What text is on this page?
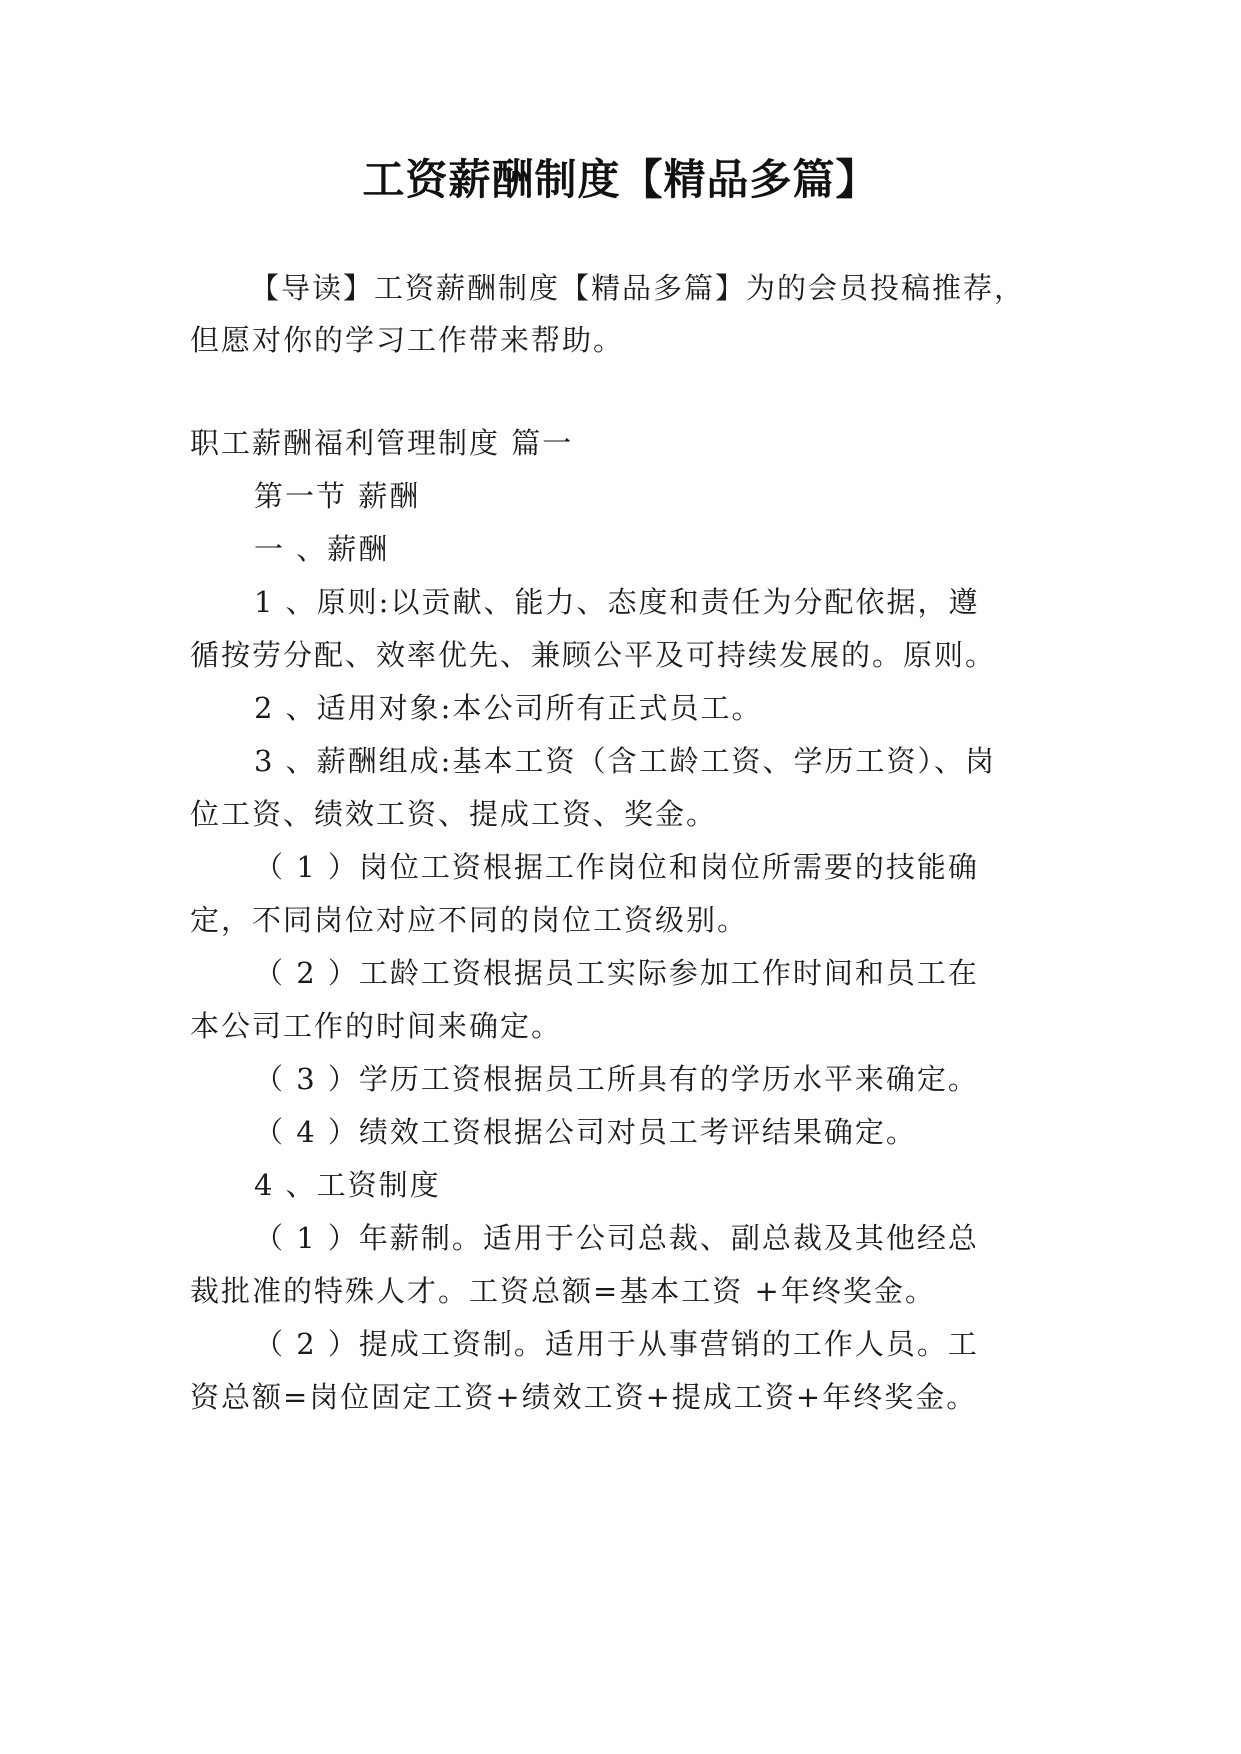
工资薪酬制度【精品多篇】
【导读】工资薪酬制度【精品多篇】为的会员投稿推荐，
但愿对你的学习工作带来帮助。
职工薪酬福利管理制度 篇一
第一节 薪酬
一 、薪酬
1 、原则:以贡献、能力、态度和责任为分配依据，遵
循按劳分配、效率优先、兼顾公平及可持续发展的。原则。
2 、适用对象:本公司所有正式员工。
3 、薪酬组成:基本工资（含工龄工资、学历工资）、岗
位工资、绩效工资、提成工资、奖金。
（ 1 ）岗位工资根据工作岗位和岗位所需要的技能确
定，不同岗位对应不同的岗位工资级别。
（ 2 ）工龄工资根据员工实际参加工作时间和员工在
本公司工作的时间来确定。
（ 3 ）学历工资根据员工所具有的学历水平来确定。
（ 4 ）绩效工资根据公司对员工考评结果确定。
4 、工资制度
（ 1 ）年薪制。适用于公司总裁、副总裁及其他经总
裁批准的特殊人才。工资总额=基本工资 +年终奖金。
（ 2 ）提成工资制。适用于从事营销的工作人员。工
资总额=岗位固定工资+绩效工资+提成工资+年终奖金。
